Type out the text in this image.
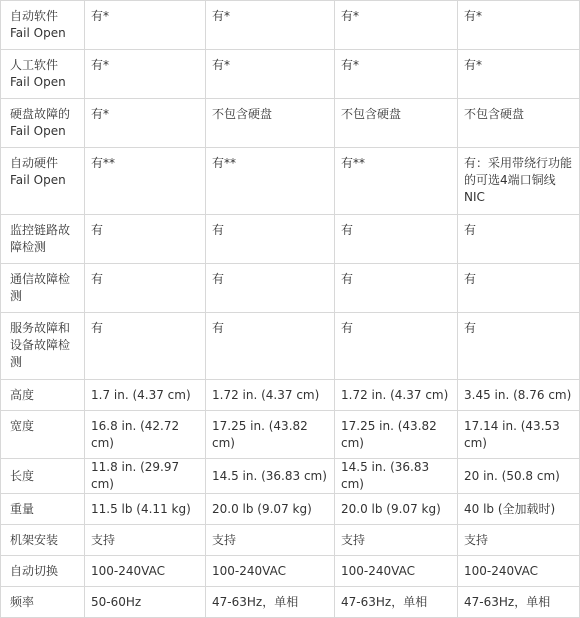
自动软件
Fail Open	有*	有*	有*	有*
人工软件
Fail Open	有*	有*	有*	有*
硬盘故障的
Fail Open	有*	不包含硬盘	不包含硬盘	不包含硬盘
自动硬件
Fail Open	有**	有**	有**	有：采用带绕行功能的可选4端口铜线NIC
监控链路故障检测	有	有	有	有
通信故障检测	有	有	有	有
服务故障和设备故障检测	有	有	有	有
高度	1.7 in. (4.37 cm)	1.72 in. (4.37 cm)	1.72 in. (4.37 cm)	3.45 in. (8.76 cm)
宽度	16.8 in. (42.72 cm)	17.25 in. (43.82 cm)	17.25 in. (43.82 cm)	17.14 in. (43.53 cm)
长度	11.8 in. (29.97 cm)	14.5 in. (36.83 cm)	14.5 in. (36.83 cm)	20 in. (50.8 cm)
重量	11.5 lb (4.11 kg)	20.0 lb (9.07 kg)	20.0 lb (9.07 kg)	40 lb (全加载时)
机架安装	支持	支持	支持	支持
自动切换	100-240VAC	100-240VAC	100-240VAC	100-240VAC
频率	50-60Hz	47-63Hz，单相	47-63Hz，单相	47-63Hz，单相
